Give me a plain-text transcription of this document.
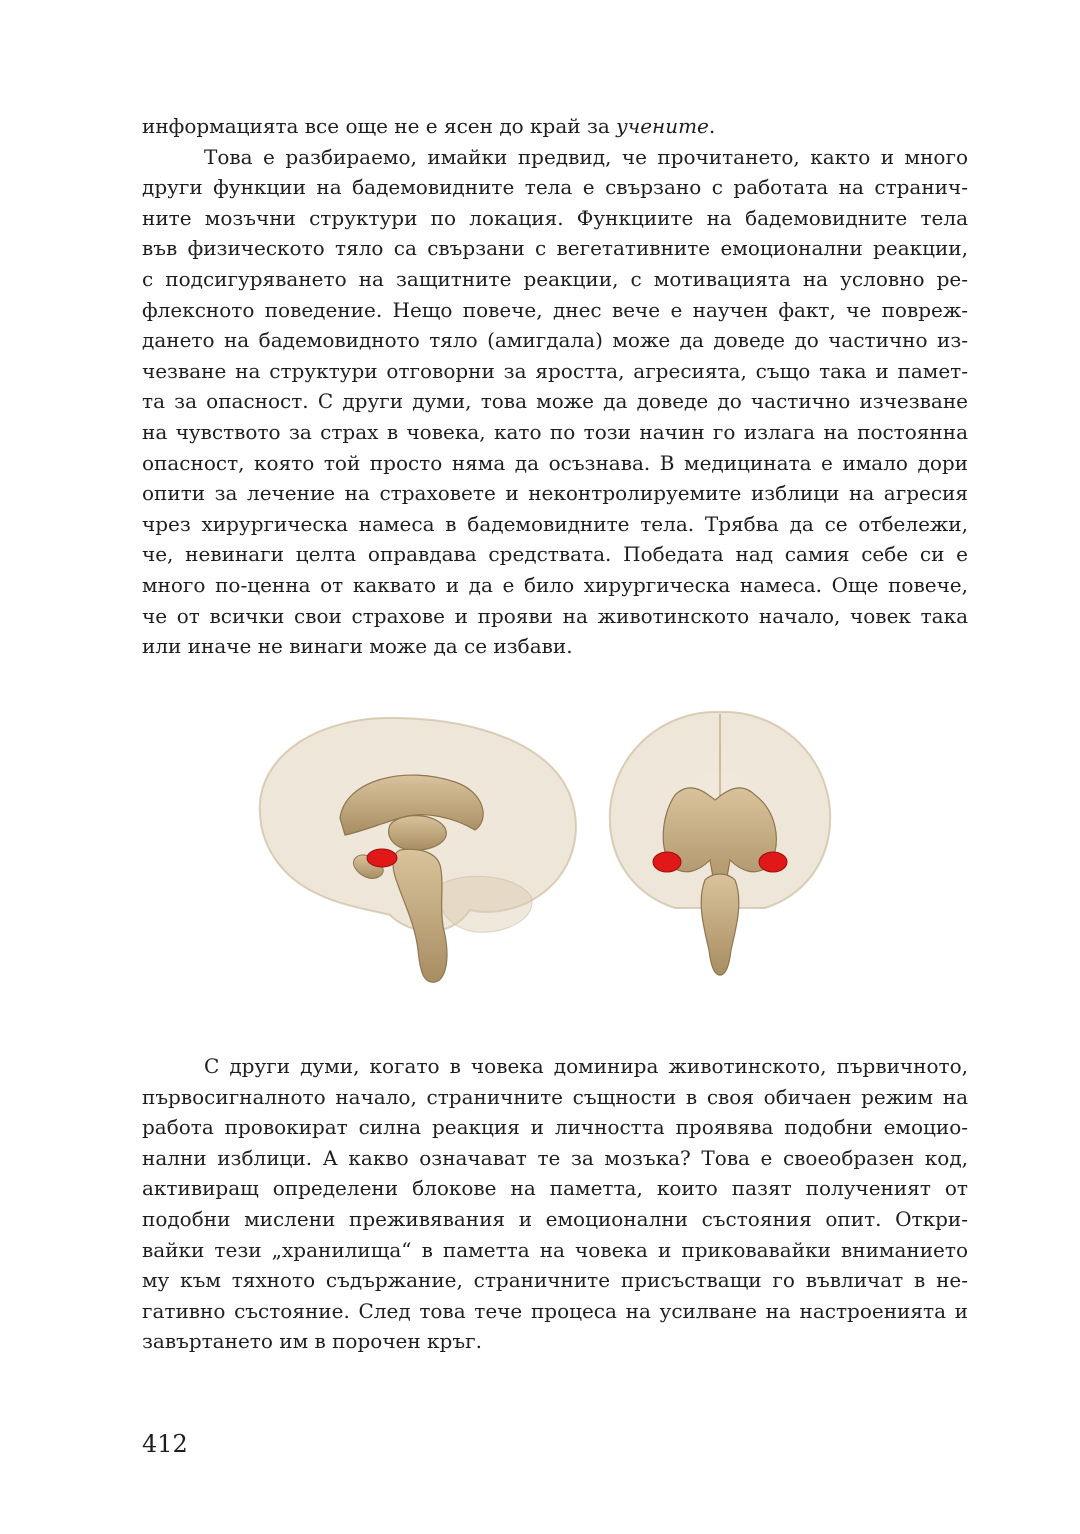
информацията все още не е ясен до край за учените.

Това е разбираемо, имайки предвид, че прочитането, както и много
други функции на бадемовидните тела е свързано с работата на странич-
ните мозъчни структури по локация. Функциите на бадемовидните тела
във физическото тяло са свързани с вегетативните емоционални реакции,
с подсигуряването на защитните реакции, с мотивацията на условно ре-
флексното поведение. Нещо повече, днес вече е научен факт, че повреж-
дането на бадемовидното тяло (амигдала) може да доведе до частично из-
чезване на структури отговорни за яростта, агресията, също така и памет-
та за опасност. С други думи, това може да доведе до частично изчезване
на чувството за страх в човека, като по този начин го излага на постоянна
опасност, която той просто няма да осъзнава. В медицината е имало дори
опити за лечение на страховете и неконтролируемите изблици на агресия
чрез хирургическа намеса в бадемовидните тела. Трябва да се отбележи,
че, невинаги целта оправдава средствата. Победата над самия себе си е
много по-ценна от каквато и да е било хирургическа намеса. Още повече,
че от всички свои страхове и прояви на животинското начало, човек така
или иначе не винаги може да се избави.

С други думи, когато в човека доминира животинското, първичното,
първосигналното начало, страничните същности в своя обичаен режим на
работа провокират силна реакция и личността проявява подобни емоцио-
нални изблици. А какво означават те за мозъка? Това е своеобразен код,
активиращ определени блокове на паметта, които пазят полученият от
подобни мислени преживявания и емоционални състояния опит. Откри-
вайки тези „хранилища“ в паметта на човека и приковавайки вниманието
му към тяхното съдържание, страничните присъстващи го въвличат в не-
гативно състояние. След това тече процеса на усилване на настроенията и
завъртането им в порочен кръг.

412
